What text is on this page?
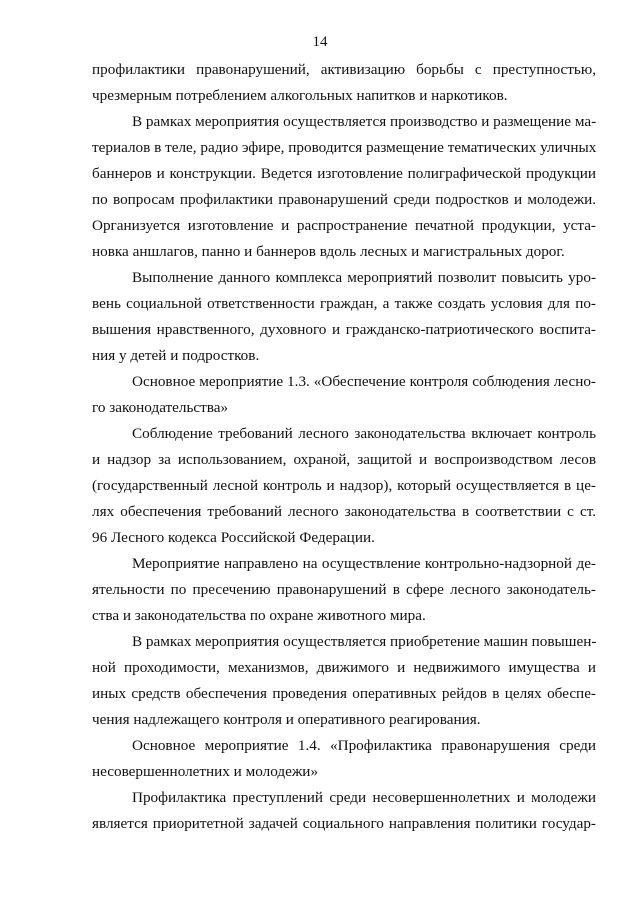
14
профилактики правонарушений, активизацию борьбы с преступностью,
чрезмерным потреблением алкогольных напитков и наркотиков.
В рамках мероприятия осуществляется производство и размещение ма-
териалов в теле, радио эфире, проводится размещение тематических уличных
баннеров и конструкции. Ведется изготовление полиграфической продукции
по вопросам профилактики правонарушений среди подростков и молодежи.
Организуется изготовление и распространение печатной продукции, уста-
новка аншлагов, панно и баннеров вдоль лесных и магистральных дорог.
Выполнение данного комплекса мероприятий позволит повысить уро-
вень социальной ответственности граждан, а также создать условия для по-
вышения нравственного, духовного и гражданско-патриотического воспита-
ния у детей и подростков.
Основное мероприятие 1.3. «Обеспечение контроля соблюдения лесно-
го законодательства»
Соблюдение требований лесного законодательства включает контроль
и надзор за использованием, охраной, защитой и воспроизводством лесов
(государственный лесной контроль и надзор), который осуществляется в це-
лях обеспечения требований лесного законодательства в соответствии с ст.
96 Лесного кодекса Российской Федерации.
Мероприятие направлено на осуществление контрольно-надзорной де-
ятельности по пресечению правонарушений в сфере лесного законодатель-
ства и законодательства по охране животного мира.
В рамках мероприятия осуществляется приобретение машин повышен-
ной проходимости, механизмов, движимого и недвижимого имущества и
иных средств обеспечения проведения оперативных рейдов в целях обеспе-
чения надлежащего контроля и оперативного реагирования.
Основное мероприятие 1.4. «Профилактика правонарушения среди
несовершеннолетних и молодежи»
Профилактика преступлений среди несовершеннолетних и молодежи
является приоритетной задачей социального направления политики государ-
